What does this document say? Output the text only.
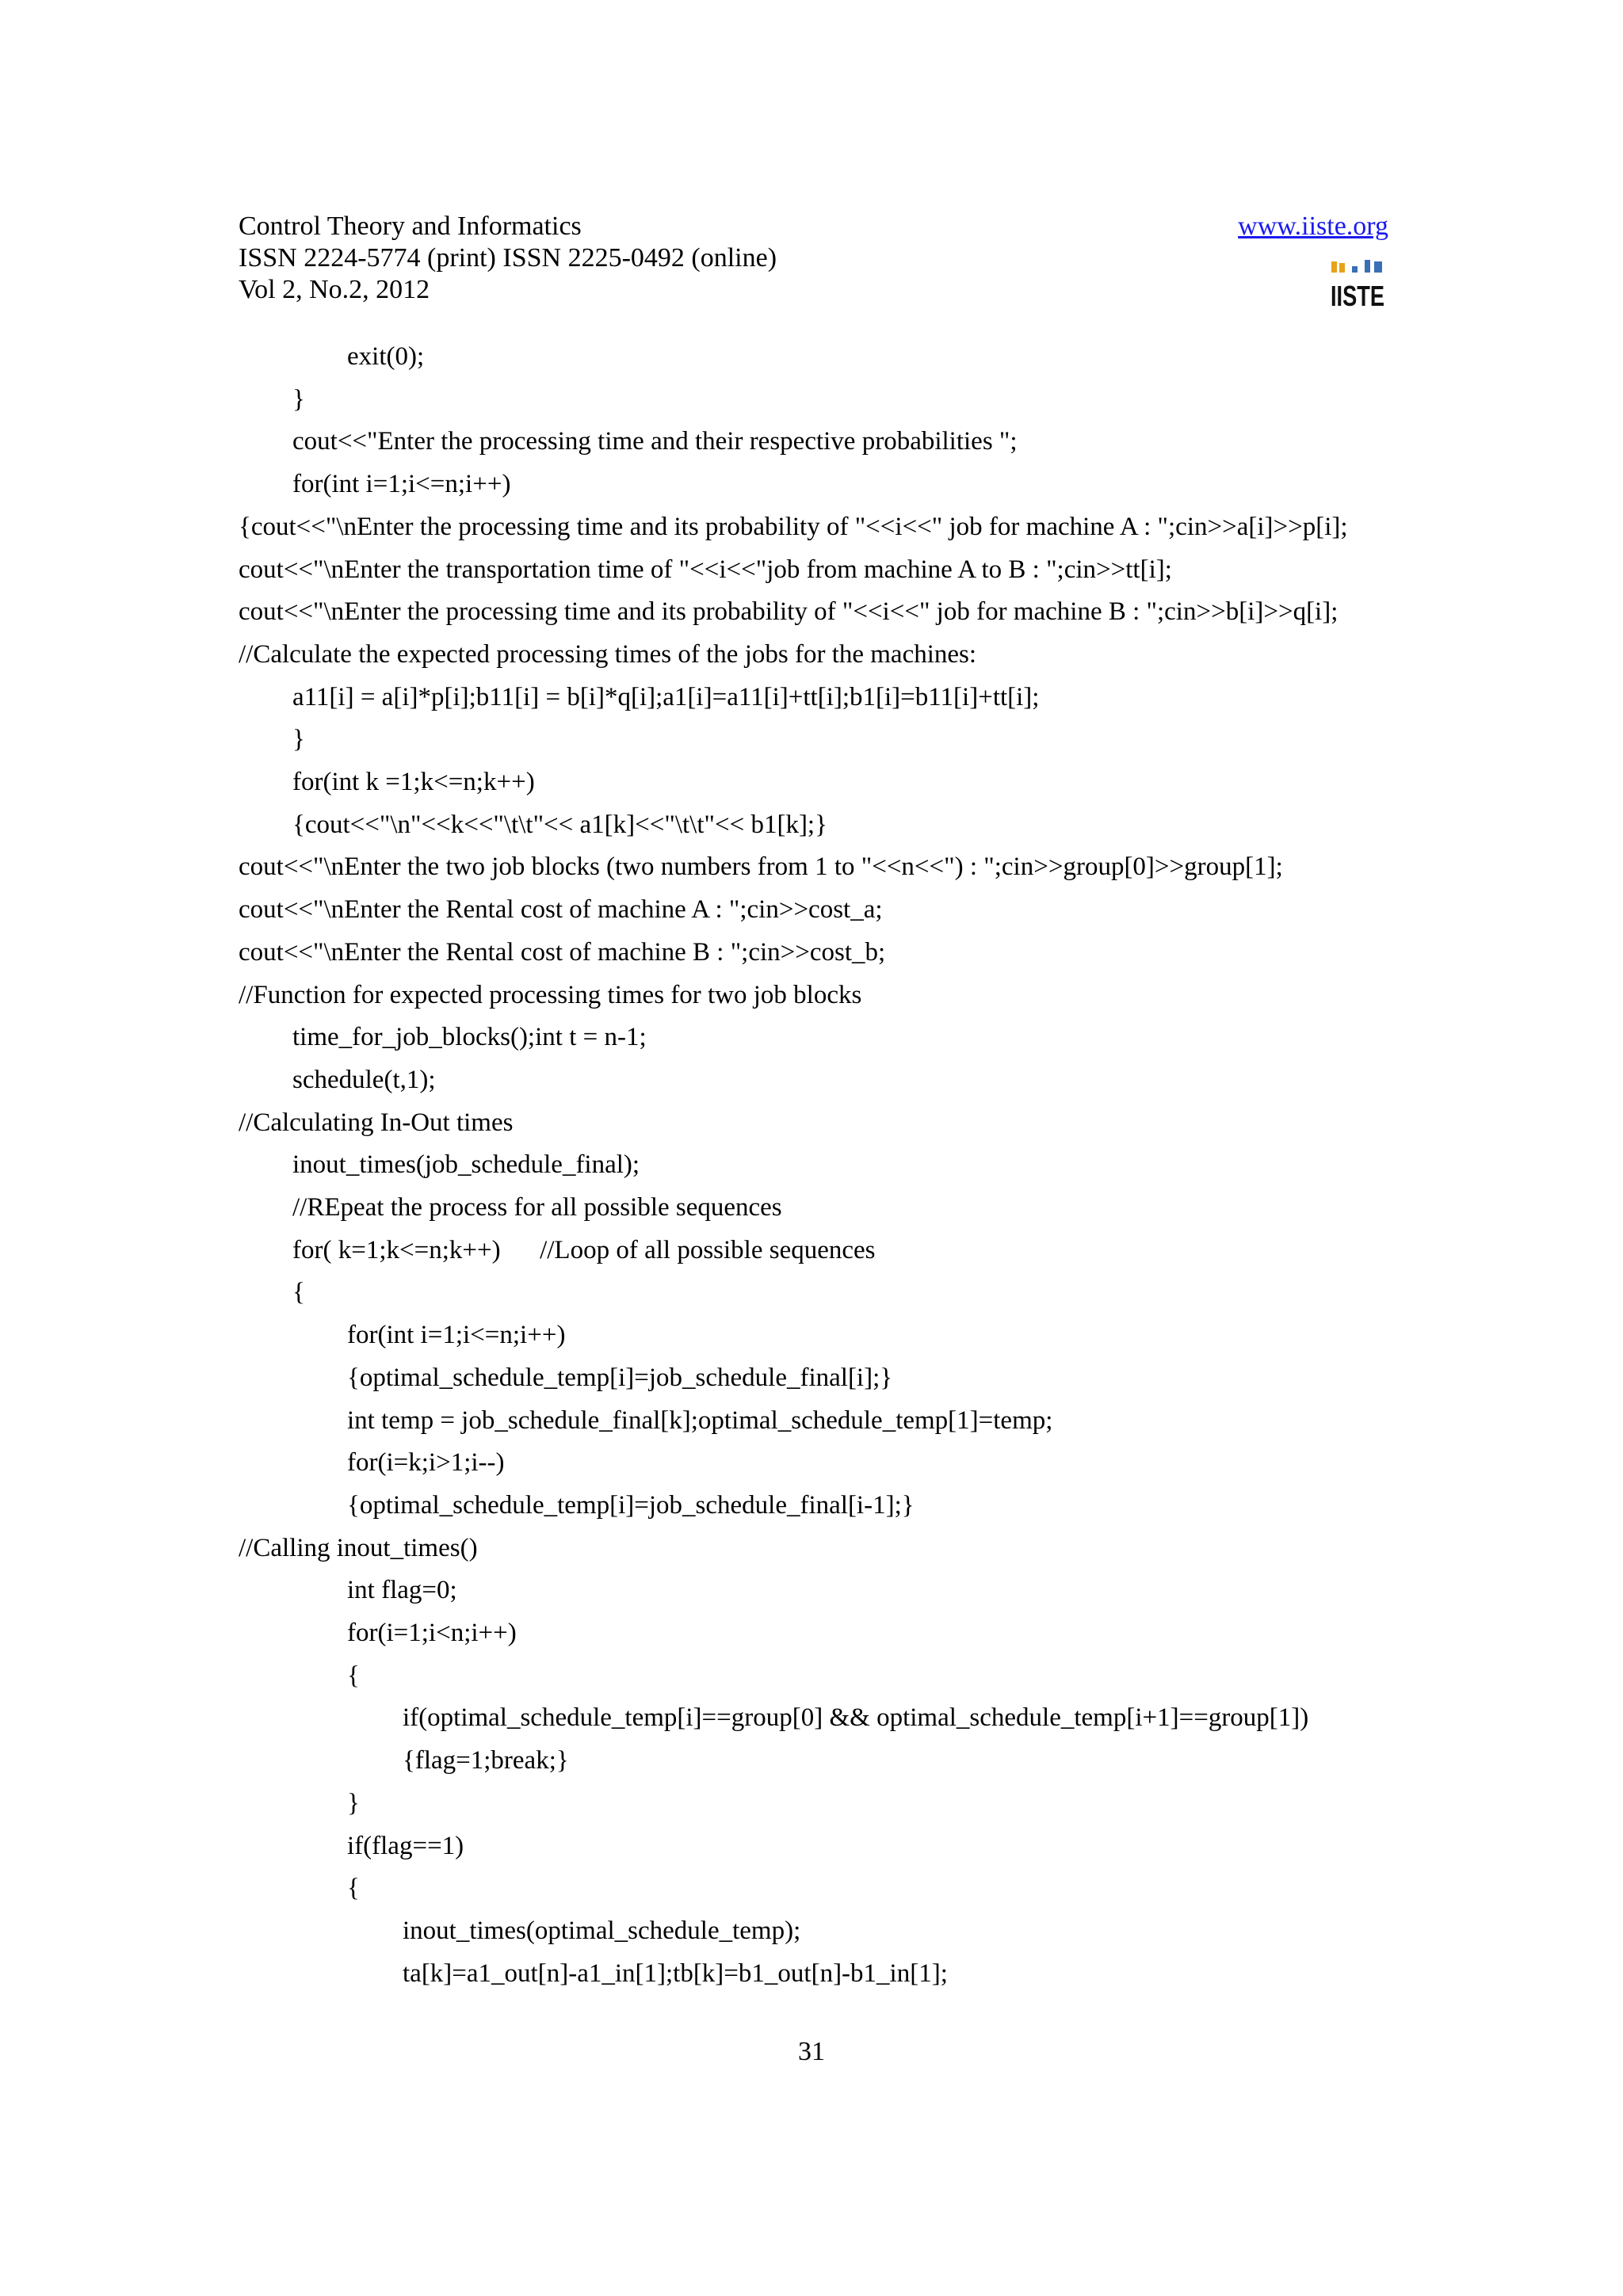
Control Theory and Informatics
ISSN 2224-5774 (print) ISSN 2225-0492 (online)
Vol 2, No.2, 2012
www.iiste.org
IISTE
exit(0);
}
cout<<"Enter the processing time and their respective probabilities ";
for(int i=1;i<=n;i++)
{cout<<"\nEnter the processing time and its probability of "<<i<<" job for machine A : ";cin>>a[i]>>p[i];
cout<<"\nEnter the transportation time of "<<i<<"job from machine A to B : ";cin>>tt[i];
cout<<"\nEnter the processing time and its probability of "<<i<<" job for machine B : ";cin>>b[i]>>q[i];
//Calculate the expected processing times of the jobs for the machines:
a11[i] = a[i]*p[i];b11[i] = b[i]*q[i];a1[i]=a11[i]+tt[i];b1[i]=b11[i]+tt[i];
}
for(int k =1;k<=n;k++)
{cout<<"\n"<<k<<"\t\t"<< a1[k]<<"\t\t"<< b1[k];}
cout<<"\nEnter the two job blocks (two numbers from 1 to "<<n<<") : ";cin>>group[0]>>group[1];
cout<<"\nEnter the Rental cost of machine A : ";cin>>cost_a;
cout<<"\nEnter the Rental cost of machine B : ";cin>>cost_b;
//Function for expected processing times for two job blocks
time_for_job_blocks();int t = n-1;
schedule(t,1);
//Calculating In-Out times
inout_times(job_schedule_final);
//REpeat the process for all possible sequences
for( k=1;k<=n;k++)      //Loop of all possible sequences
{
for(int i=1;i<=n;i++)
{optimal_schedule_temp[i]=job_schedule_final[i];}
int temp = job_schedule_final[k];optimal_schedule_temp[1]=temp;
for(i=k;i>1;i--)
{optimal_schedule_temp[i]=job_schedule_final[i-1];}
//Calling inout_times()
int flag=0;
for(i=1;i<n;i++)
{
if(optimal_schedule_temp[i]==group[0] && optimal_schedule_temp[i+1]==group[1])
{flag=1;break;}
}
if(flag==1)
{
inout_times(optimal_schedule_temp);
ta[k]=a1_out[n]-a1_in[1];tb[k]=b1_out[n]-b1_in[1];
31
